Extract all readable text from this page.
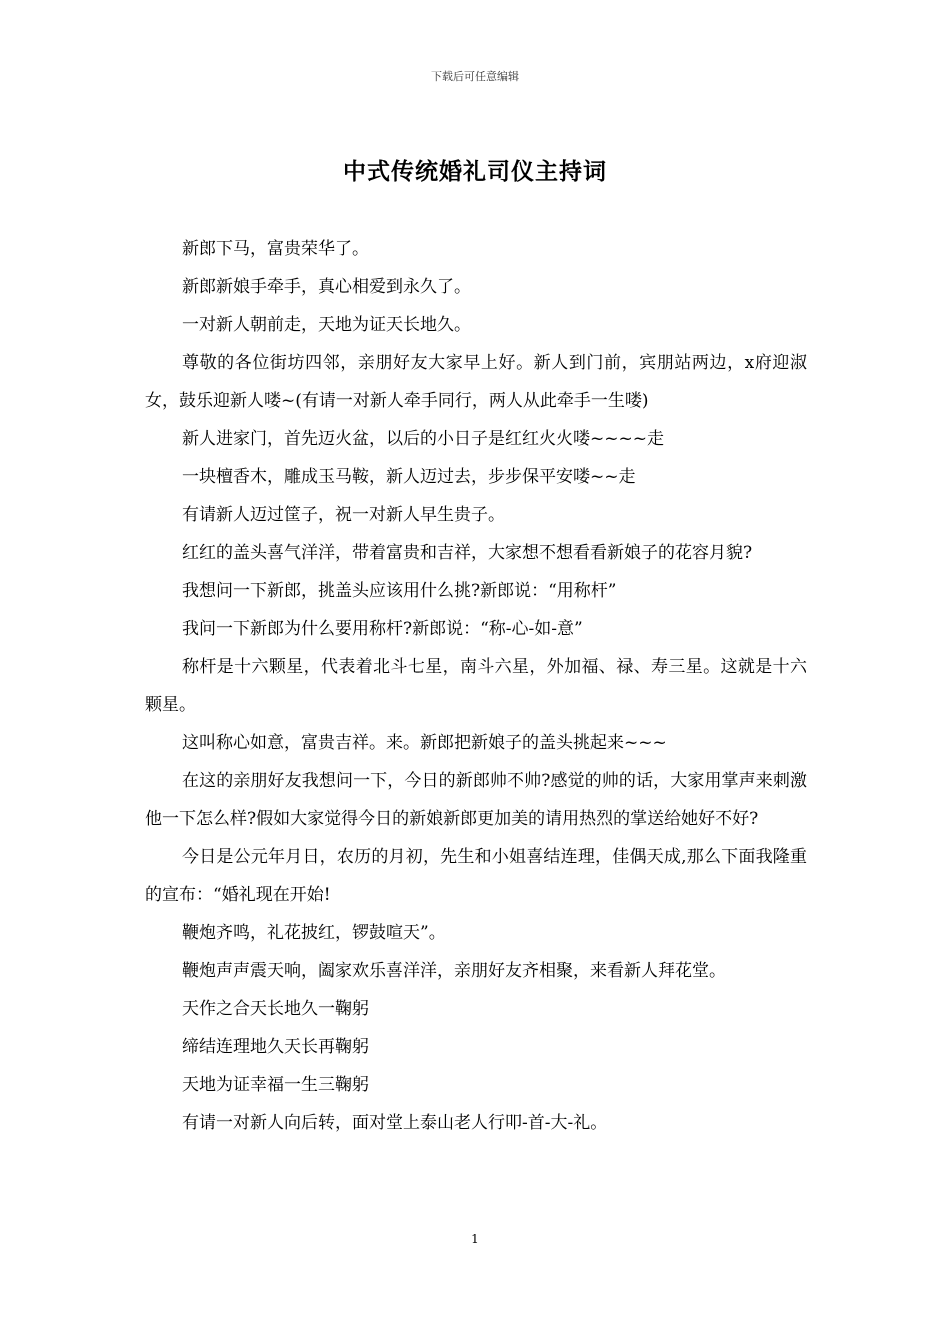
下载后可任意编辑
中式传统婚礼司仪主持词

新郎下马，富贵荣华了。

新郎新娘手牵手，真心相爱到永久了。

一对新人朝前走，天地为证天长地久。

尊敬的各位街坊四邻，亲朋好友大家早上好。新人到门前，宾朋站两边，x府迎淑女，鼓乐迎新人喽~(有请一对新人牵手同行，两人从此牵手一生喽)

新人进家门，首先迈火盆，以后的小日子是红红火火喽~~~~走

一块檀香木，雕成玉马鞍，新人迈过去，步步保平安喽~~走

有请新人迈过筐子，祝一对新人早生贵子。

红红的盖头喜气洋洋，带着富贵和吉祥，大家想不想看看新娘子的花容月貌?

我想问一下新郎，挑盖头应该用什么挑?新郎说：“用称杆”

我问一下新郎为什么要用称杆?新郎说：“称-心-如-意”

称杆是十六颗星，代表着北斗七星，南斗六星，外加福、禄、寿三星。这就是十六颗星。

这叫称心如意，富贵吉祥。来。新郎把新娘子的盖头挑起来~~~

在这的亲朋好友我想问一下，今日的新郎帅不帅?感觉的帅的话，大家用掌声来刺激他一下怎么样?假如大家觉得今日的新娘新郎更加美的请用热烈的掌送给她好不好?

今日是公元年月日，农历的月初，先生和小姐喜结连理，佳偶天成,那么下面我隆重的宣布：“婚礼现在开始!

鞭炮齐鸣，礼花披红，锣鼓喧天”。

鞭炮声声震天响，阖家欢乐喜洋洋，亲朋好友齐相聚，来看新人拜花堂。

天作之合天长地久一鞠躬

缔结连理地久天长再鞠躬

天地为证幸福一生三鞠躬

有请一对新人向后转，面对堂上泰山老人行叩-首-大-礼。

1
